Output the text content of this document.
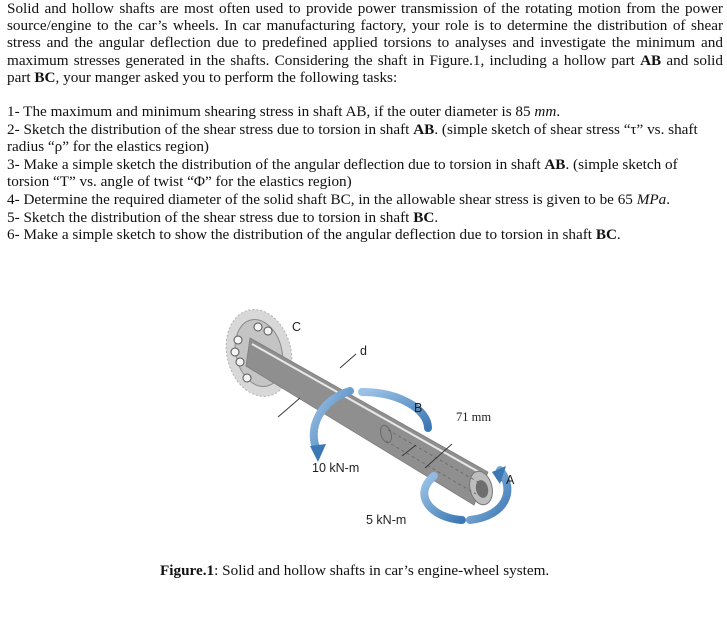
Solid and hollow shafts are most often used to provide power transmission of the rotating motion from the power source/engine to the car’s wheels. In car manufacturing factory, your role is to determine the distribution of shear stress and the angular deflection due to predefined applied torsions to analyses and investigate the minimum and maximum stresses generated in the shafts. Considering the shaft in Figure.1, including a hollow part AB and solid part BC, your manger asked you to perform the following tasks:

1- The maximum and minimum shearing stress in shaft AB, if the outer diameter is 85 mm.
2- Sketch the distribution of the shear stress due to torsion in shaft AB. (simple sketch of shear stress “τ” vs. shaft radius “ρ” for the elastics region)
3- Make a simple sketch the distribution of the angular deflection due to torsion in shaft AB. (simple sketch of torsion “T” vs. angle of twist “Φ” for the elastics region)
4- Determine the required diameter of the solid shaft BC, in the allowable shear stress is given to be 65 MPa.
5- Sketch the distribution of the shear stress due to torsion in shaft BC.
6- Make a simple sketch to show the distribution of the angular deflection due to torsion in shaft BC.
C
d
B
A
71 mm
10 kN-m
5 kN-m
Figure.1: Solid and hollow shafts in car’s engine-wheel system.
